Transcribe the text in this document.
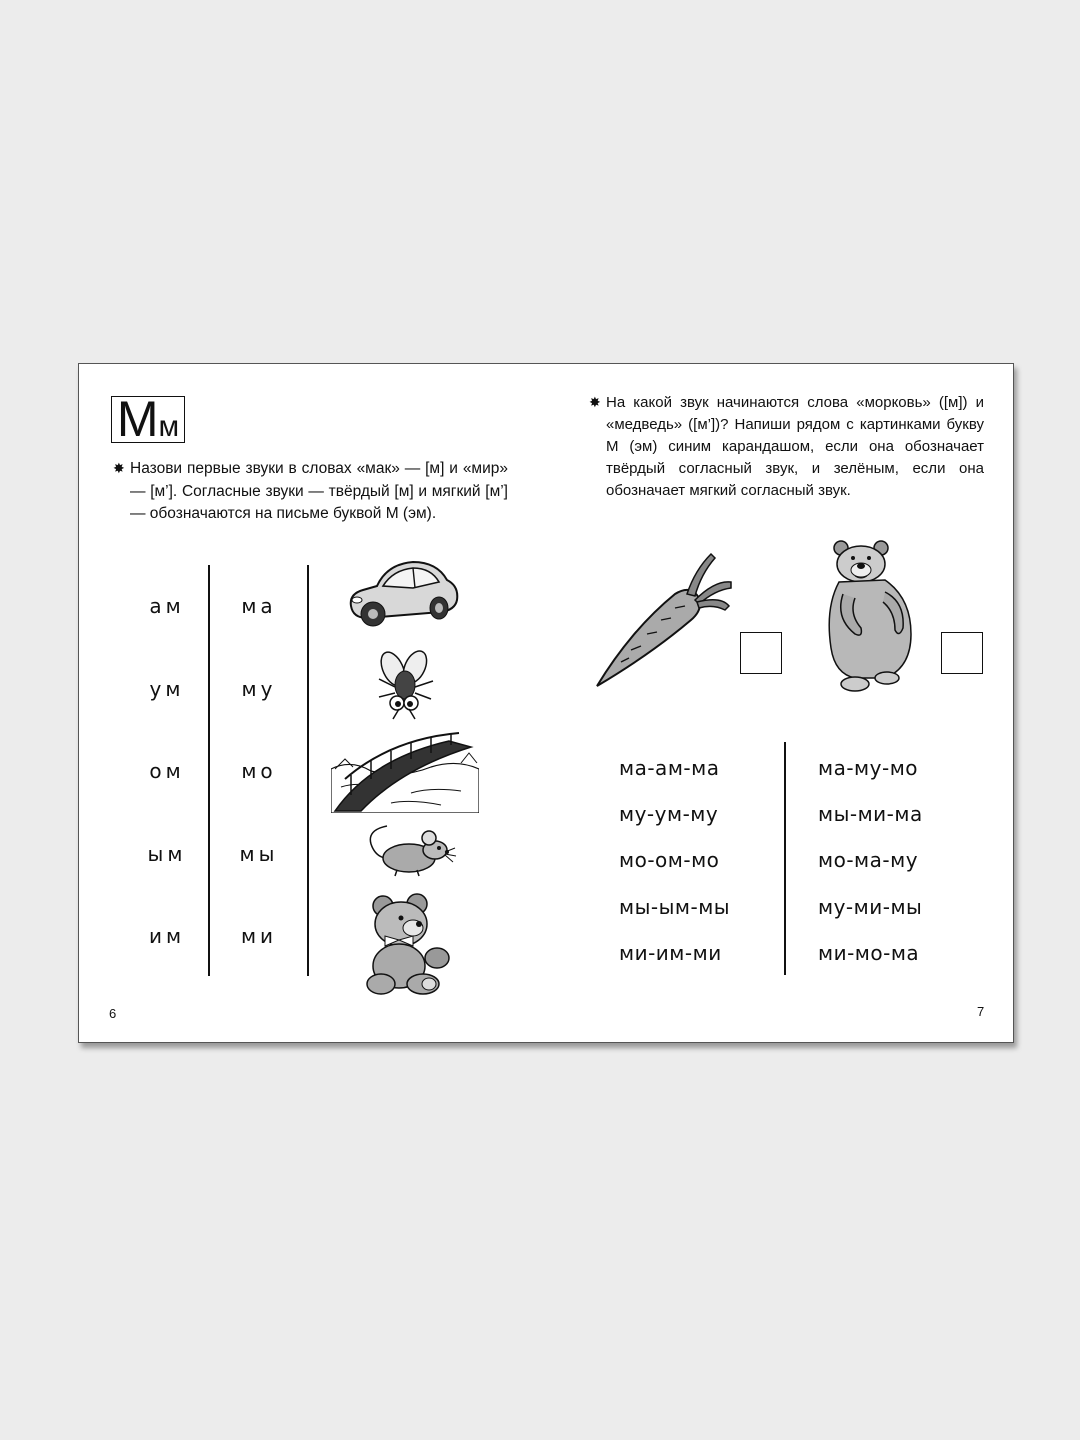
М м
✸ Назови первые звуки в словах «мак» — [м] и «мир» — [м’]. Согласные звуки — твёрдый [м] и мягкий [м’] — обозначаются на письме буквой М (эм).
ам
ум
ом
ым
им
ма
му
мо
мы
ми
6
✸ На какой звук начинаются слова «морковь» ([м]) и «медведь» ([м’])? Напиши рядом с картинками букву М (эм) синим карандашом, если она обозначает твёрдый согласный звук, и зелёным, если она обозначает мягкий согласный звук.
ма-ам-ма
му-ум-му
мо-ом-мо
мы-ым-мы
ми-им-ми
ма-му-мо
мы-ми-ма
мо-ма-му
му-ми-мы
ми-мо-ма
7
